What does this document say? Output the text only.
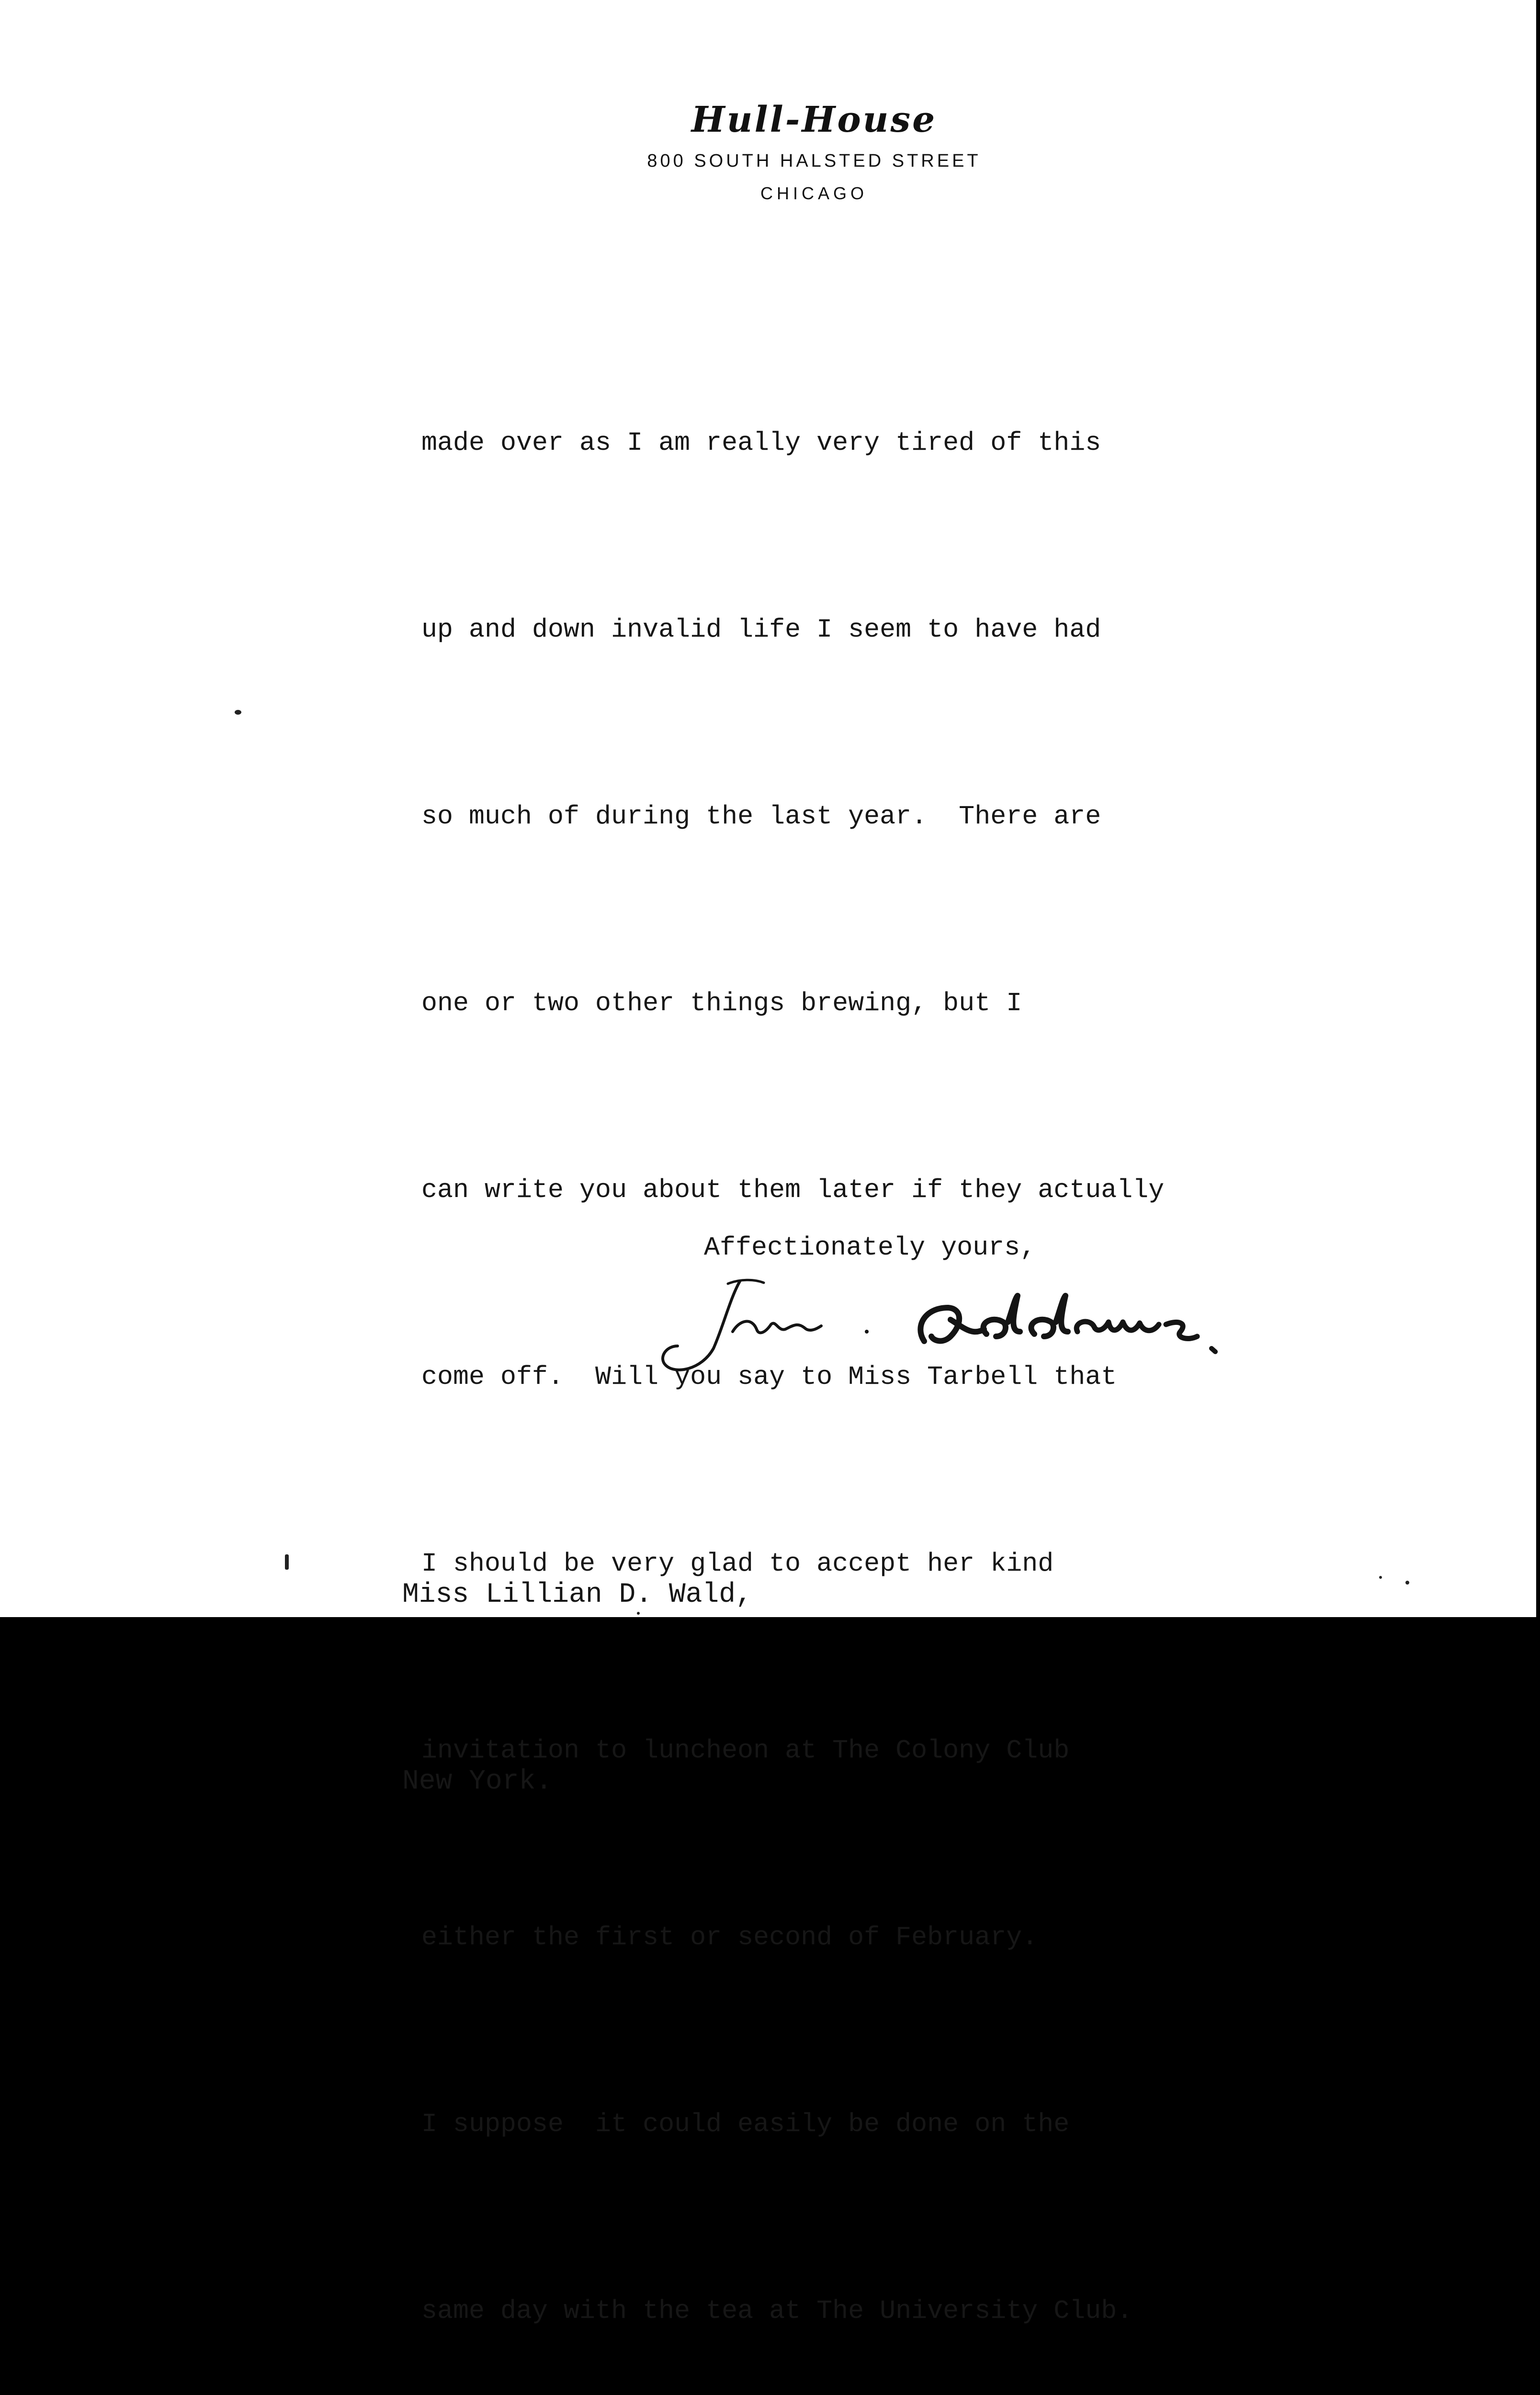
Hull-House
800 SOUTH HALSTED STREET
CHICAGO

made over as I am really very tired of this

up and down invalid life I seem to have had

so much of during the last year.  There are

one or two other things brewing, but I

can write you about them later if they actually

come off.  Will you say to Miss Tarbell that

I should be very glad to accept her kind

invitation to luncheon at The Colony Club

either the first or second of February.

I suppose  it could easily be done on the

same day with the tea at The University Club.

Affectionately yours,

Miss Lillian D. Wald,

New York.
